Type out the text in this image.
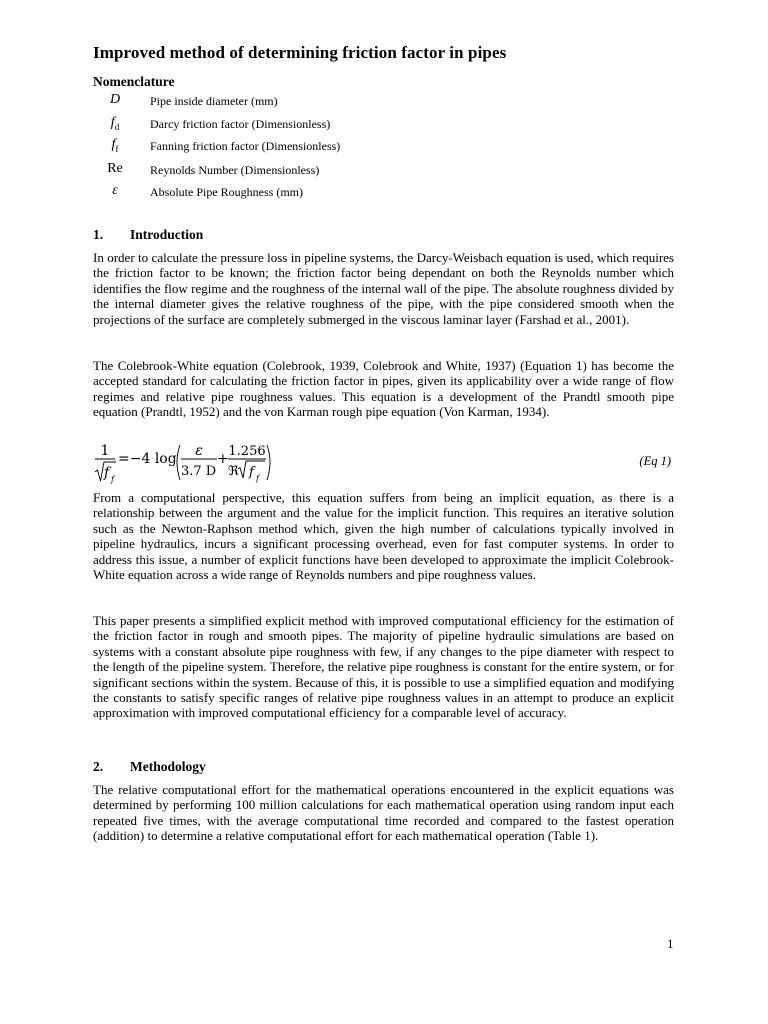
Improved method of determining friction factor in pipes
Nomenclature
D	Pipe inside diameter (mm)
$f_d$	Darcy friction factor (Dimensionless)
$f_f$	Fanning friction factor (Dimensionless)
Re	Reynolds Number (Dimensionless)
ε	Absolute Pipe Roughness (mm)
1. Introduction

In order to calculate the pressure loss in pipeline systems, the Darcy-Weisbach equation is used, which requires the friction factor to be known; the friction factor being dependant on both the Reynolds number which identifies the flow regime and the roughness of the internal wall of the pipe. The absolute roughness divided by the internal diameter gives the relative roughness of the pipe, with the pipe considered smooth when the projections of the surface are completely submerged in the viscous laminar layer (Farshad et al., 2001).

The Colebrook-White equation (Colebrook, 1939, Colebrook and White, 1937) (Equation 1) has become the accepted standard for calculating the friction factor in pipes, given its applicability over a wide range of flow regimes and relative pipe roughness values. This equation is a development of the Prandtl smooth pipe equation (Prandtl, 1952) and the von Karman rough pipe equation (Von Karman, 1934).

1
f f
=−4 log ε
3.7 D
+ 1.256
ℜ f f
(Eq 1)

From a computational perspective, this equation suffers from being an implicit equation, as there is a relationship between the argument and the value for the implicit function. This requires an iterative solution such as the Newton-Raphson method which, given the high number of calculations typically involved in pipeline hydraulics, incurs a significant processing overhead, even for fast computer systems. In order to address this issue, a number of explicit functions have been developed to approximate the implicit Colebrook-White equation across a wide range of Reynolds numbers and pipe roughness values.

This paper presents a simplified explicit method with improved computational efficiency for the estimation of the friction factor in rough and smooth pipes. The majority of pipeline hydraulic simulations are based on systems with a constant absolute pipe roughness with few, if any changes to the pipe diameter with respect to the length of the pipeline system. Therefore, the relative pipe roughness is constant for the entire system, or for significant sections within the system. Because of this, it is possible to use a simplified equation and modifying the constants to satisfy specific ranges of relative pipe roughness values in an attempt to produce an explicit approximation with improved computational efficiency for a comparable level of accuracy.

2. Methodology

The relative computational effort for the mathematical operations encountered in the explicit equations was determined by performing 100 million calculations for each mathematical operation using random input each repeated five times, with the average computational time recorded and compared to the fastest operation (addition) to determine a relative computational effort for each mathematical operation (Table 1).

1
